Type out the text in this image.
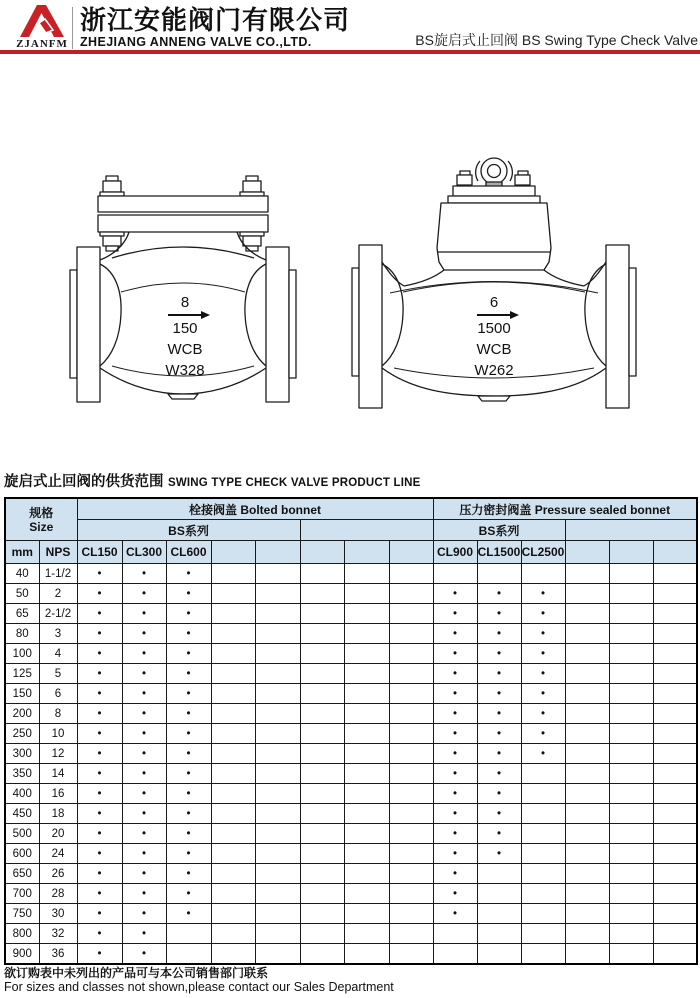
ZJANFM
浙江安能阀门有限公司
ZHEJIANG ANNENG VALVE CO.,LTD.	BS旋启式止回阀 BS Swing Type Check Valve
8
150
WCB
W328
6
1500
WCB
W262
旋启式止回阀的供货范围 SWING TYPE CHECK VALVE PRODUCT LINE
规格
Size		栓接阀盖 Bolted bonnet								压力密封阀盖 Pressure sealed bonnet					
		BS系列								BS系列					
mm	NPS	CL150	CL300	CL600						CL900	CL1500	CL2500			
40	1-1/2	•	•	•											
50	2	•	•	•						•	•	•			
65	2-1/2	•	•	•						•	•	•			
80	3	•	•	•						•	•	•			
100	4	•	•	•						•	•	•			
125	5	•	•	•						•	•	•			
150	6	•	•	•						•	•	•			
200	8	•	•	•						•	•	•			
250	10	•	•	•						•	•	•			
300	12	•	•	•						•	•	•			
350	14	•	•	•						•	•				
400	16	•	•	•						•	•				
450	18	•	•	•						•	•				
500	20	•	•	•						•	•				
600	24	•	•	•						•	•				
650	26	•	•	•						•					
700	28	•	•	•						•					
750	30	•	•	•						•					
800	32	•	•												
900	36	•	•												
欲订购表中未列出的产品可与本公司销售部门联系
For sizes and classes not shown,please contact our Sales Department
